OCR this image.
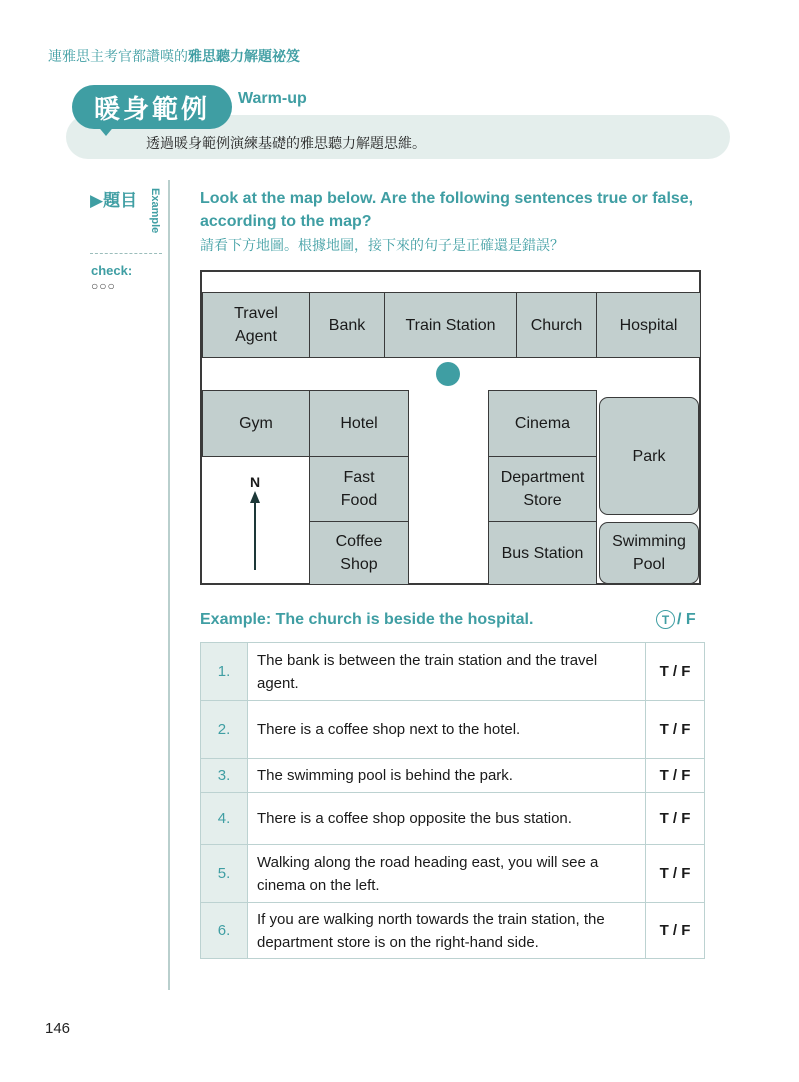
連雅思主考官都讚嘆的雅思聽力解題祕笈
暖身範例	Warm-up
透過暖身範例演練基礎的雅思聽力解題思維。
▶題目 Example
check:
○○○
Look at the map below. Are the following sentences true or false, according to the map?
請看下方地圖。根據地圖，接下來的句子是正確還是錯誤？
Travel
Agent
Bank	Train Station	Church	Hospital
Gym	Hotel
Fast
Food
Coffee
Shop
N
Cinema
Department
Store
Bus Station
Park
Swimming
Pool
Example: The church is beside the hospital.	T / F
1.	The bank is between the train station and the travel agent.	T / F
2.	There is a coffee shop next to the hotel.	T / F
3.	The swimming pool is behind the park.	T / F
4.	There is a coffee shop opposite the bus station.	T / F
5.	Walking along the road heading east, you will see a cinema on the left.	T / F
6.	If you are walking north towards the train station, the department store is on the right-hand side.	T / F
146
